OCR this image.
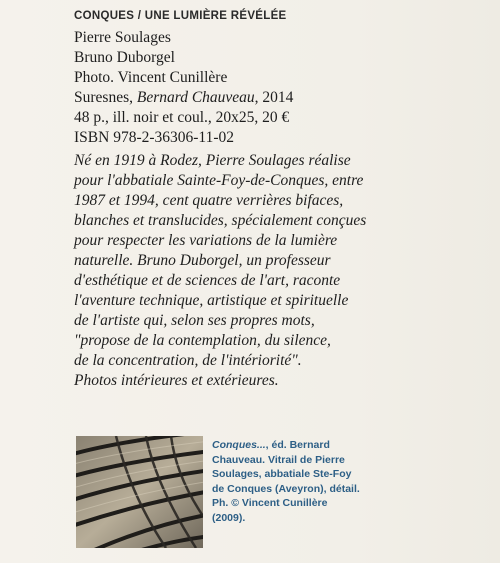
CONQUES / UNE LUMIÈRE RÉVÉLÉE
Pierre Soulages
Bruno Duborgel
Photo. Vincent Cunillère
Suresnes, Bernard Chauveau, 2014
48 p., ill. noir et coul., 20x25, 20 €
ISBN 978-2-36306-11-02
Né en 1919 à Rodez, Pierre Soulages réalise
pour l'abbatiale Sainte-Foy-de-Conques, entre
1987 et 1994, cent quatre verrières bifaces,
blanches et translucides, spécialement conçues
pour respecter les variations de la lumière
naturelle. Bruno Duborgel, un professeur
d'esthétique et de sciences de l'art, raconte
l'aventure technique, artistique et spirituelle
de l'artiste qui, selon ses propres mots,
"propose de la contemplation, du silence,
de la concentration, de l'intériorité".
Photos intérieures et extérieures.
Conques..., éd. Bernard
Chauveau. Vitrail de Pierre
Soulages, abbatiale Ste-Foy
de Conques (Aveyron), détail.
Ph. © Vincent Cunillère
(2009).
